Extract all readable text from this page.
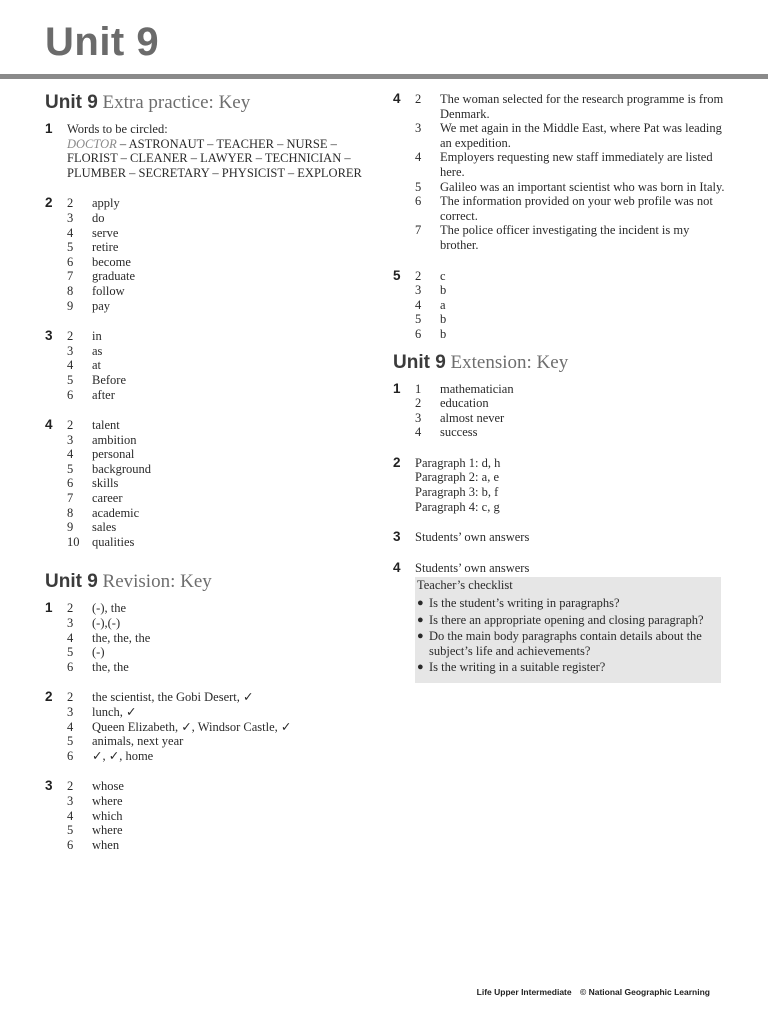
Unit 9
Unit 9 Extra practice: Key
1	Words to be circled:
DOCTOR – ASTRONAUT – TEACHER – NURSE –
FLORIST – CLEANER – LAWYER – TECHNICIAN –
PLUMBER – SECRETARY – PHYSICIST – EXPLORER
2	2	apply
3	do
4	serve
5	retire
6	become
7	graduate
8	follow
9	pay
3	2	in
3	as
4	at
5	Before
6	after
4	2	talent
3	ambition
4	personal
5	background
6	skills
7	career
8	academic
9	sales
10	qualities
Unit 9 Revision: Key
1	2	(-), the
3	(-),(-)
4	the, the, the
5	(-)
6	the, the
2	2	the scientist, the Gobi Desert, ✓
3	lunch, ✓
4	Queen Elizabeth, ✓, Windsor Castle, ✓
5	animals, next year
6	✓, ✓, home
3	2	whose
3	where
4	which
5	where
6	when
4	2	The woman selected for the research programme is from Denmark.
3	We met again in the Middle East, where Pat was leading an expedition.
4	Employers requesting new staff immediately are listed here.
5	Galileo was an important scientist who was born in Italy.
6	The information provided on your web profile was not correct.
7	The police officer investigating the incident is my brother.
5	2	c
3	b
4	a
5	b
6	b
Unit 9 Extension: Key
1	1	mathematician
2	education
3	almost never
4	success
2	Paragraph 1: d, h
Paragraph 2: a, e
Paragraph 3: b, f
Paragraph 4: c, g
3	Students’ own answers
4	Students’ own answers
Teacher’s checklist
● Is the student’s writing in paragraphs?
● Is there an appropriate opening and closing paragraph?
● Do the main body paragraphs contain details about the subject’s life and achievements?
● Is the writing in a suitable register?
Life Upper Intermediate © National Geographic Learning
